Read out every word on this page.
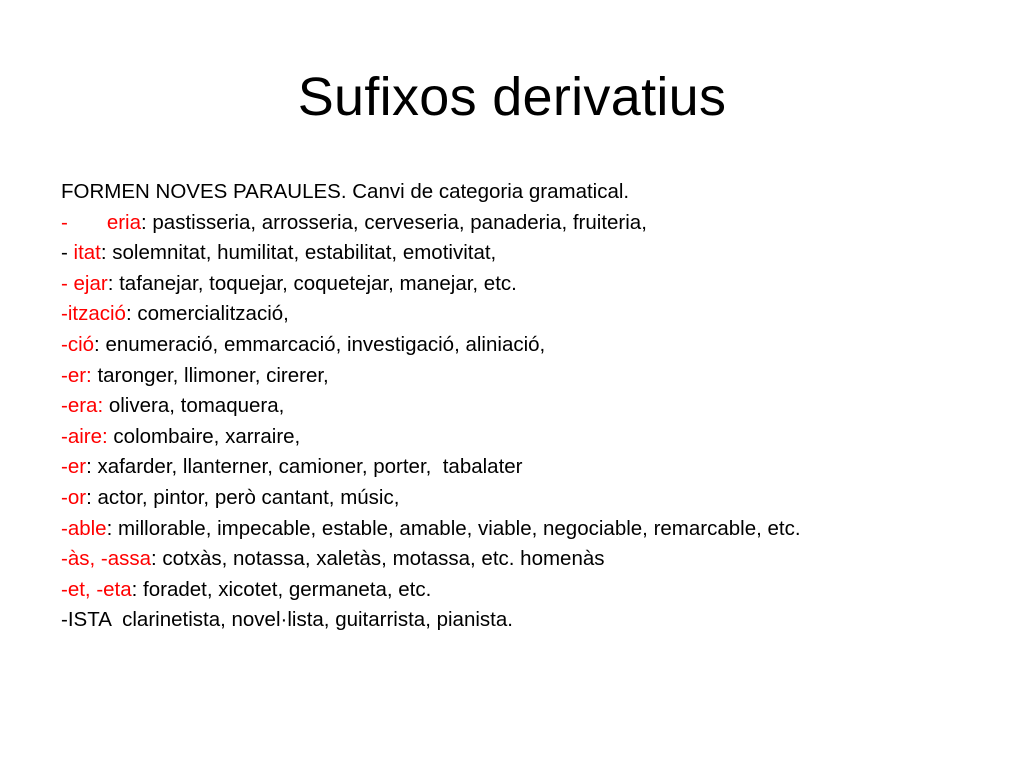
Sufixos derivatius
FORMEN NOVES PARAULES. Canvi de categoria gramatical.
- eria: pastisseria, arrosseria, cerveseria, panaderia, fruiteria,
- itat: solemnitat, humilitat, estabilitat, emotivitat,
- ejar: tafanejar, toquejar, coquetejar, manejar, etc.
-ització: comercialització,
-ció: enumeració, emmarcació, investigació, aliniació,
-er: taronger, llimoner, cirerer,
-era: olivera, tomaquera,
-aire: colombaire, xarraire,
-er: xafarder, llanterner, camioner, porter,  tabalater
-or: actor, pintor, però cantant, músic,
-able: millorable, impecable, estable, amable, viable, negociable, remarcable, etc.
-às, -assa: cotxàs, notassa, xaletàs, motassa, etc. homenàs
-et, -eta: foradet, xicotet, germaneta, etc.
-ISTA  clarinetista, novel·lista, guitarrista, pianista.
